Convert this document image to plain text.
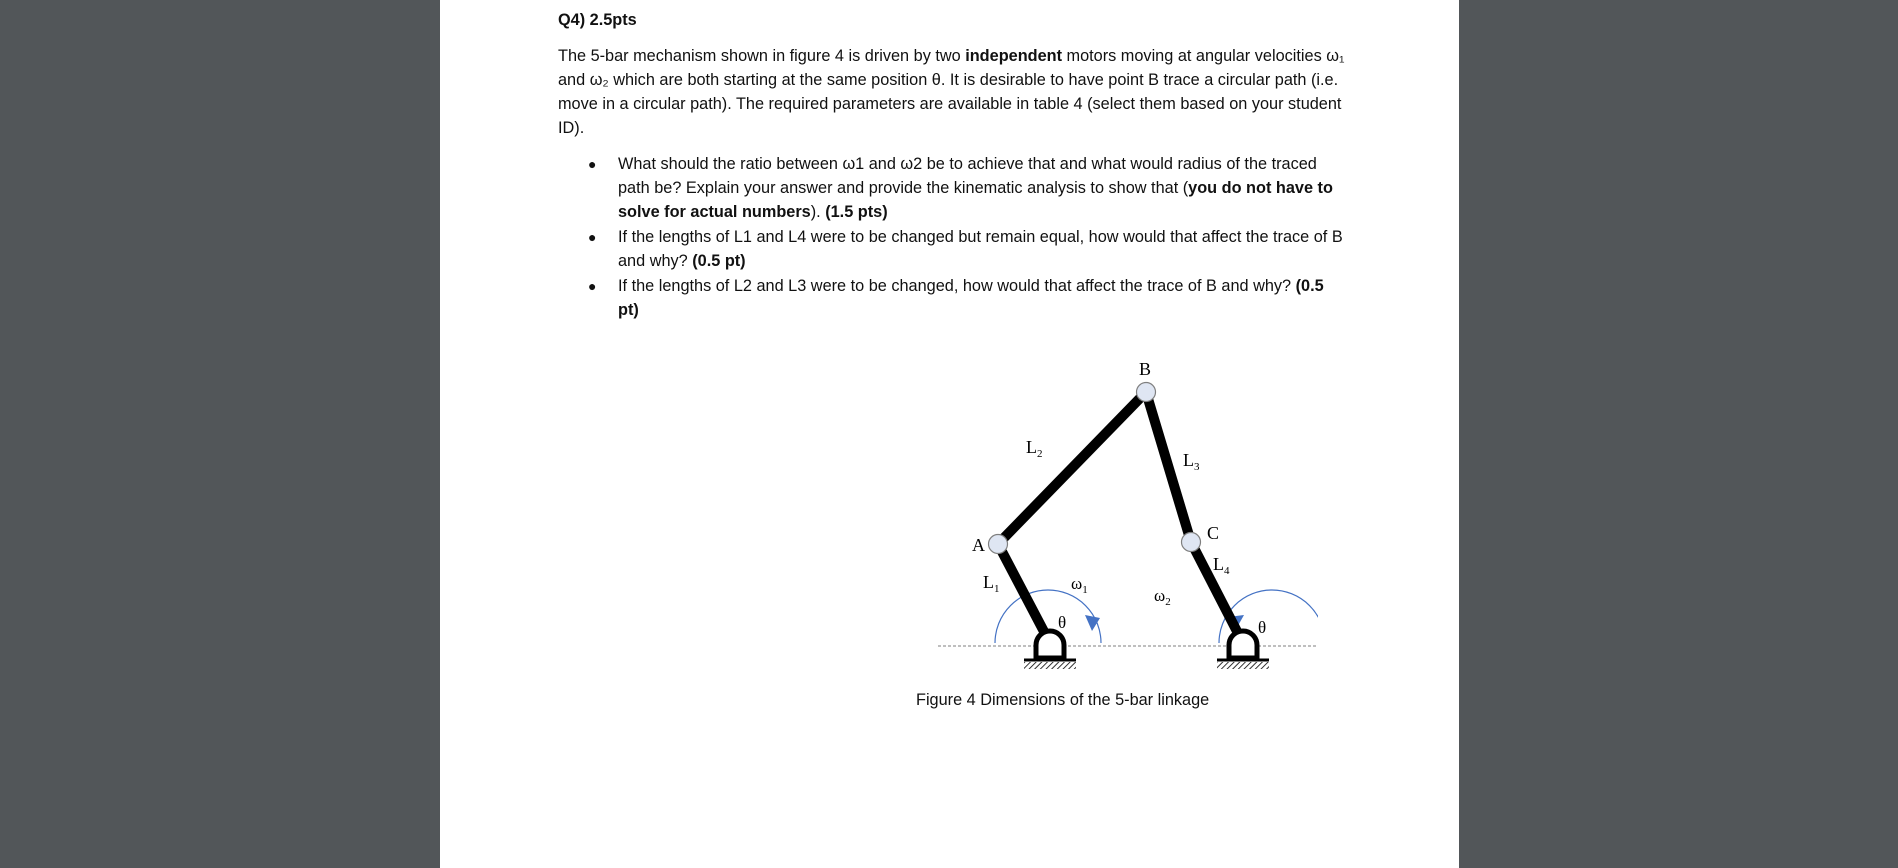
Q4) 2.5pts
The 5-bar mechanism shown in figure 4 is driven by two independent motors moving at angular velocities ω₁ and ω₂ which are both starting at the same position θ. It is desirable to have point B trace a circular path (i.e. move in a circular path). The required parameters are available in table 4 (select them based on your student ID).
● What should the ratio between ω1 and ω2 be to achieve that and what would radius of the traced path be? Explain your answer and provide the kinematic analysis to show that (you do not have to solve for actual numbers). (1.5 pts)
● If the lengths of L1 and L4 were to be changed but remain equal, how would that affect the trace of B and why? (0.5 pt)
● If the lengths of L2 and L3 were to be changed, how would that affect the trace of B and why? (0.5 pt)
B
A
C
$L_1$
$L_2$	$L_3$
$L_4$
$\omega_1$	$\omega_2$
θ	θ
Figure 4 Dimensions of the 5-bar linkage
